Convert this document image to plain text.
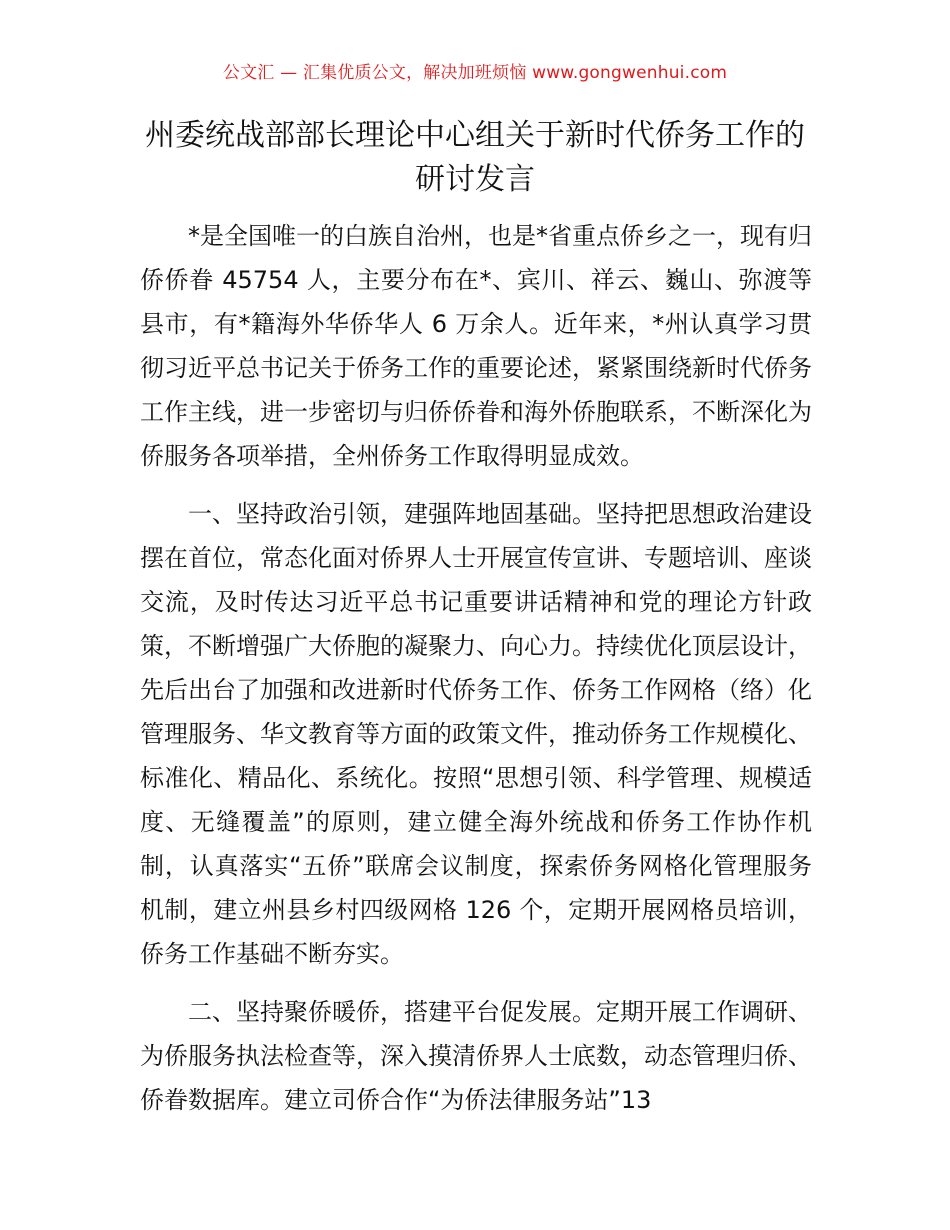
公文汇 — 汇集优质公文，解决加班烦恼 www.gongwenhui.com
州委统战部部长理论中心组关于新时代侨务工作的研讨发言

*是全国唯一的白族自治州，也是*省重点侨乡之一，现有归侨侨眷 45754 人，主要分布在*、宾川、祥云、巍山、弥渡等县市，有*籍海外华侨华人 6 万余人。近年来，*州认真学习贯彻习近平总书记关于侨务工作的重要论述，紧紧围绕新时代侨务工作主线，进一步密切与归侨侨眷和海外侨胞联系，不断深化为侨服务各项举措，全州侨务工作取得明显成效。

一、坚持政治引领，建强阵地固基础。坚持把思想政治建设摆在首位，常态化面对侨界人士开展宣传宣讲、专题培训、座谈交流，及时传达习近平总书记重要讲话精神和党的理论方针政策，不断增强广大侨胞的凝聚力、向心力。持续优化顶层设计，先后出台了加强和改进新时代侨务工作、侨务工作网格（络）化管理服务、华文教育等方面的政策文件，推动侨务工作规模化、标准化、精品化、系统化。按照“思想引领、科学管理、规模适度、无缝覆盖”的原则，建立健全海外统战和侨务工作协作机制，认真落实“五侨”联席会议制度，探索侨务网格化管理服务机制，建立州县乡村四级网格 126 个，定期开展网格员培训，侨务工作基础不断夯实。

二、坚持聚侨暖侨，搭建平台促发展。定期开展工作调研、为侨服务执法检查等，深入摸清侨界人士底数，动态管理归侨、侨眷数据库。建立司侨合作“为侨法律服务站”13
